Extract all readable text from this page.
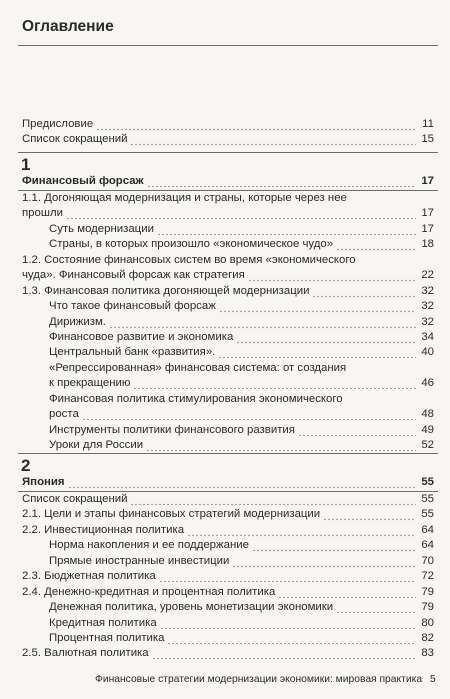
Оглавление
Предисловие	11
Список сокращений	15
1
Финансовый форсаж	17
1.1. Догоняющая модернизация и страны, которые через нее
прошли	17
Суть модернизации	17
Страны, в которых произошло «экономическое чудо»	18
1.2. Состояние финансовых систем во время «экономического
чуда». Финансовый форсаж как стратегия	22
1.3. Финансовая политика догоняющей модернизации	32
Что такое финансовый форсаж	32
Дирижизм.	32
Финансовое развитие и экономика	34
Центральный банк «развития».	40
«Репрессированная» финансовая система: от создания
к прекращению	46
Финансовая политика стимулирования экономического
роста	48
Инструменты политики финансового развития	49
Уроки для России	52
2
Япония	55
Список сокращений	55
2.1. Цели и этапы финансовых стратегий модернизации	55
2.2. Инвестиционная политика	64
Норма накопления и ее поддержание	64
Прямые иностранные инвестиции	70
2.3. Бюджетная политика	72
2.4. Денежно-кредитная и процентная политика	79
Денежная политика, уровень монетизации экономики	79
Кредитная политика	80
Процентная политика	82
2.5. Валютная политика	83
Финансовые стратегии модернизации экономики: мировая практика 5
